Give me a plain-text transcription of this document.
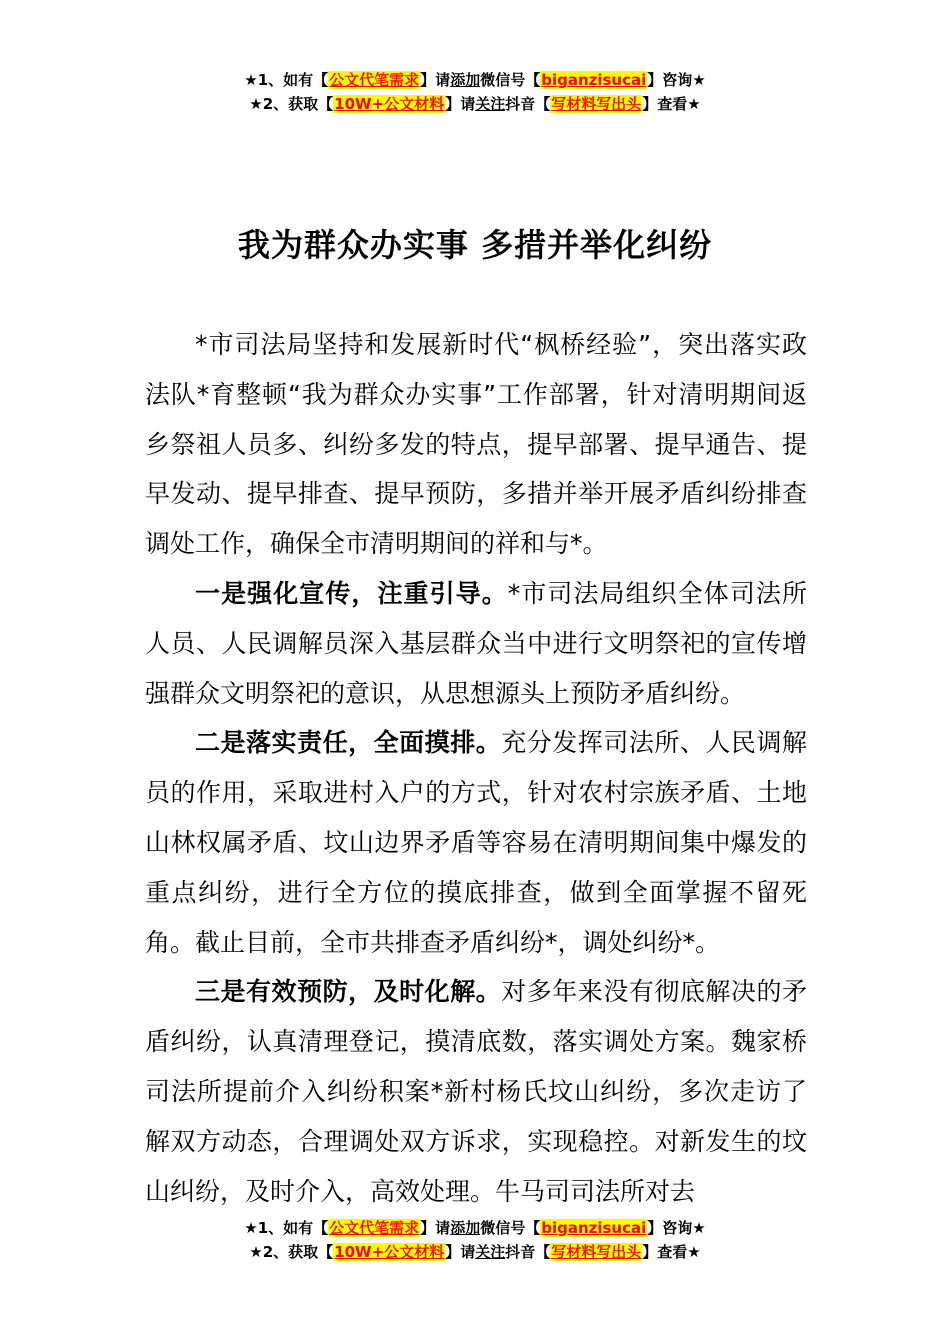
★1、如有【公文代笔需求】请添加微信号【biganzisucai】咨询★
★2、获取【10W+公文材料】请关注抖音【写材料写出头】查看★
我为群众办实事 多措并举化纠纷

*市司法局坚持和发展新时代“枫桥经验”，突出落实政法队*育整顿“我为群众办实事”工作部署，针对清明期间返乡祭祖人员多、纠纷多发的特点，提早部署、提早通告、提早发动、提早排查、提早预防，多措并举开展矛盾纠纷排查调处工作，确保全市清明期间的祥和与*。

一是强化宣传，注重引导。*市司法局组织全体司法所人员、人民调解员深入基层群众当中进行文明祭祀的宣传增强群众文明祭祀的意识，从思想源头上预防矛盾纠纷。

二是落实责任，全面摸排。充分发挥司法所、人民调解员的作用，采取进村入户的方式，针对农村宗族矛盾、土地山林权属矛盾、坟山边界矛盾等容易在清明期间集中爆发的重点纠纷，进行全方位的摸底排查，做到全面掌握不留死角。截止目前，全市共排查矛盾纠纷*，调处纠纷*。

三是有效预防，及时化解。对多年来没有彻底解决的矛盾纠纷，认真清理登记，摸清底数，落实调处方案。魏家桥司法所提前介入纠纷积案*新村杨氏坟山纠纷，多次走访了解双方动态，合理调处双方诉求，实现稳控。对新发生的坟山纠纷，及时介入，高效处理。牛马司司法所对去

★1、如有【公文代笔需求】请添加微信号【biganzisucai】咨询★
★2、获取【10W+公文材料】请关注抖音【写材料写出头】查看★
